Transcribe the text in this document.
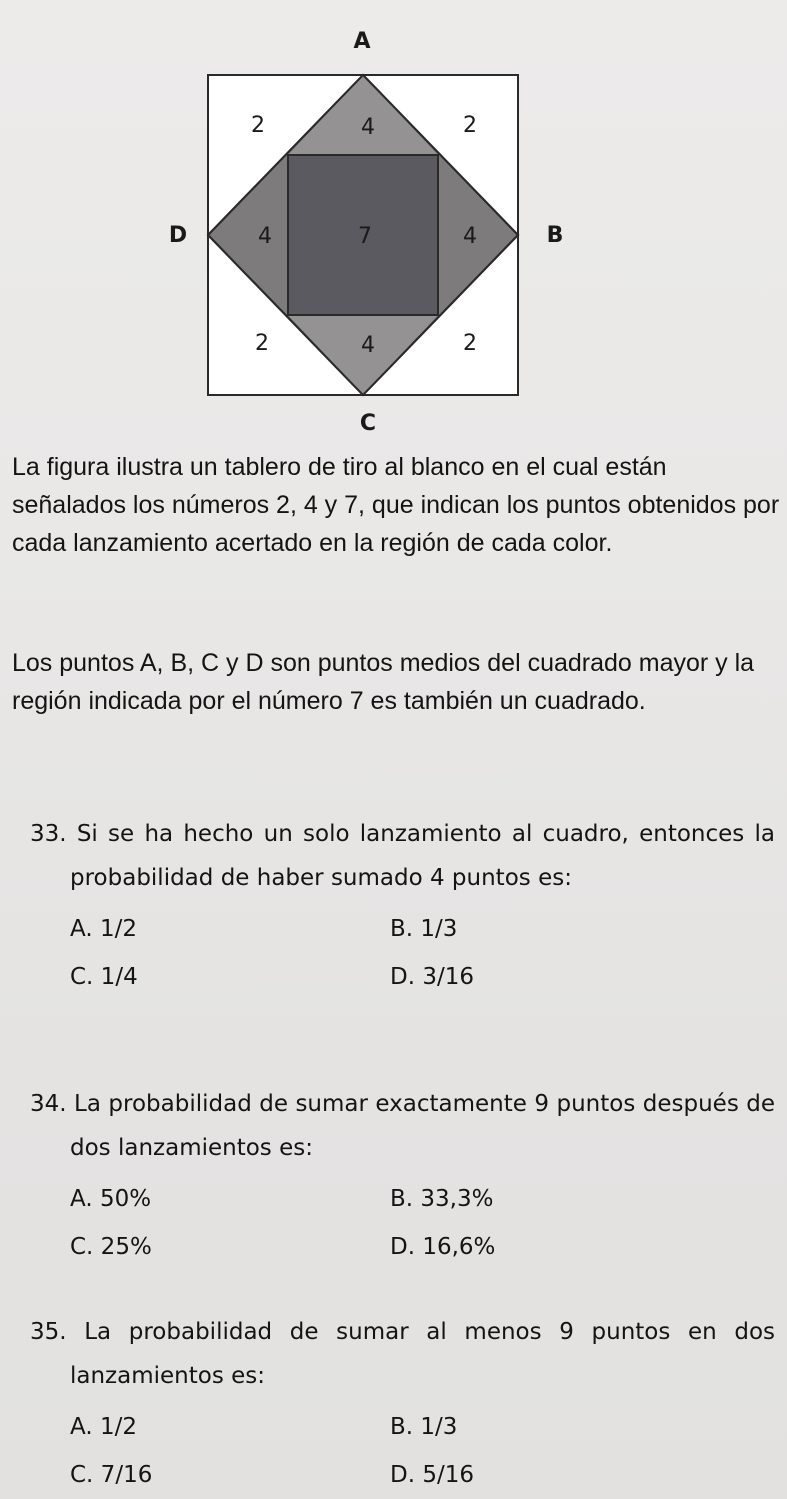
A
B
C
D
2	4	2
4	7	4
2	4	2

La figura ilustra un tablero de tiro al blanco en el cual están señalados los números 2, 4 y 7, que indican los puntos obtenidos por cada lanzamiento acertado en la región de cada color.

Los puntos A, B, C y D son puntos medios del cuadrado mayor y la región indicada por el número 7 es también un cuadrado.

33. Si se ha hecho un solo lanzamiento al cuadro, entonces la probabilidad de haber sumado 4 puntos es:

A. 1/2	B. 1/3
C. 1/4	D. 3/16

34. La probabilidad de sumar exactamente 9 puntos después de dos lanzamientos es:

A. 50%	B. 33,3%
C. 25%	D. 16,6%

35. La probabilidad de sumar al menos 9 puntos en dos lanzamientos es:

A. 1/2	B. 1/3
C. 7/16	D. 5/16
